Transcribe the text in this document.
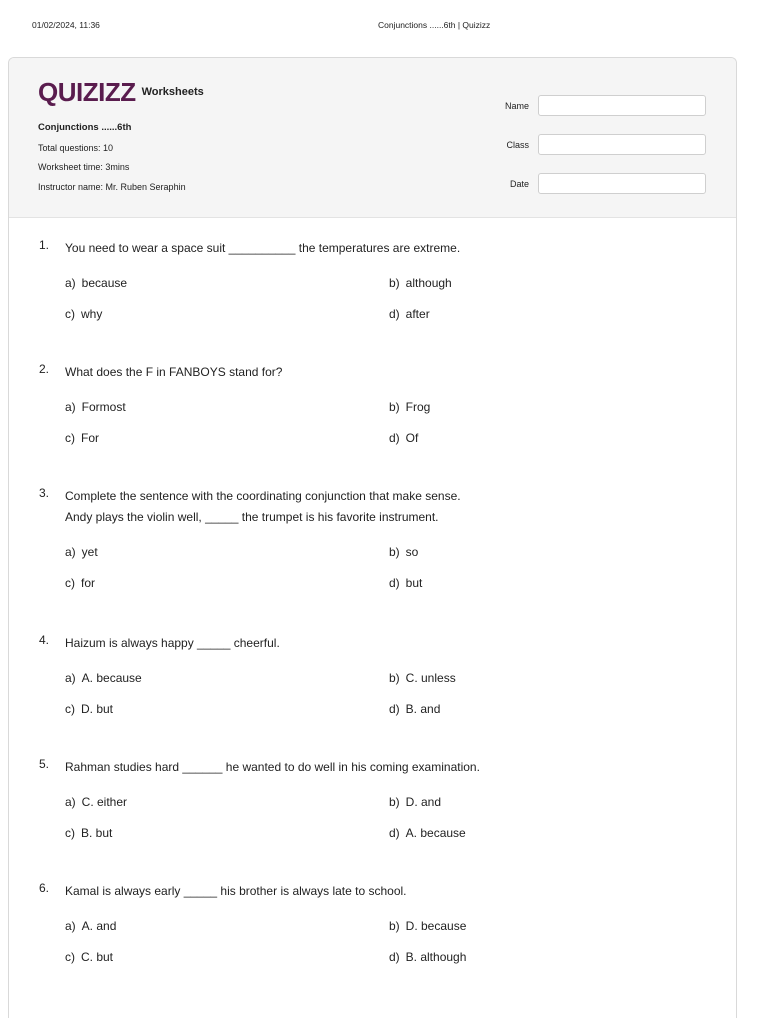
01/02/2024, 11:36	Conjunctions ......6th | Quizizz
QUIZIZZ Worksheets
Conjunctions ......6th
Total questions: 10
Worksheet time: 3mins
Instructor name: Mr. Ruben Seraphin
Name
Class
Date
1. You need to wear a space suit __________ the temperatures are extreme.
a) because	b) although
c) why	d) after
2. What does the F in FANBOYS stand for?
a) Formost	b) Frog
c) For	d) Of
3. Complete the sentence with the coordinating conjunction that make sense.
Andy plays the violin well, _____ the trumpet is his favorite instrument.
a) yet	b) so
c) for	d) but
4. Haizum is always happy _____ cheerful.
a) A. because	b) C. unless
c) D. but	d) B. and
5. Rahman studies hard ______ he wanted to do well in his coming examination.
a) C. either	b) D. and
c) B. but	d) A. because
6. Kamal is always early _____ his brother is always late to school.
a) A. and	b) D. because
c) C. but	d) B. although
